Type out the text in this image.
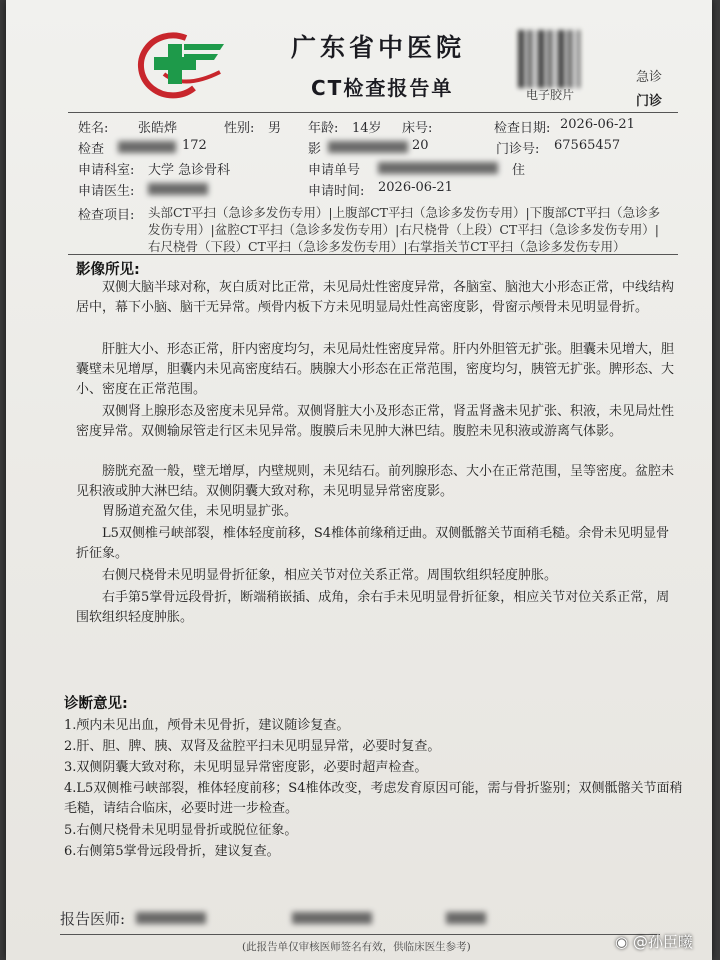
广东省中医院
CT检查报告单	电子胶片
急诊
门诊
姓名: 张皓烨	性别: 男 年龄: 14岁 床号:	检查日期: 2026-06-21
检查	172	影	20	门诊号: 67565457
申请科室: 大学 急诊骨科	申请单号	住
申请医生:	申请时间: 2026-06-21
检查项目: 头部CT平扫（急诊多发伤专用）|上腹部CT平扫（急诊多发伤专用）|下腹部CT平扫（急诊多发伤专用）|盆腔CT平扫（急诊多发伤专用）|右尺桡骨（上段）CT平扫（急诊多发伤专用）|右尺桡骨（下段）CT平扫（急诊多发伤专用）|右掌指关节CT平扫（急诊多发伤专用）
影像所见:
双侧大脑半球对称，灰白质对比正常，未见局灶性密度异常，各脑室、脑池大小形态正常，中线结构居中，幕下小脑、脑干无异常。颅骨内板下方未见明显局灶性高密度影，骨窗示颅骨未见明显骨折。
肝脏大小、形态正常，肝内密度均匀，未见局灶性密度异常。肝内外胆管无扩张。胆囊未见增大，胆囊壁未见增厚，胆囊内未见高密度结石。胰腺大小形态在正常范围，密度均匀，胰管无扩张。脾形态、大小、密度在正常范围。
双侧肾上腺形态及密度未见异常。双侧肾脏大小及形态正常，肾盂肾盏未见扩张、积液，未见局灶性密度异常。双侧输尿管走行区未见异常。腹膜后未见肿大淋巴结。腹腔未见积液或游离气体影。
膀胱充盈一般，壁无增厚，内壁规则，未见结石。前列腺形态、大小在正常范围，呈等密度。盆腔未见积液或肿大淋巴结。双侧阴囊大致对称，未见明显异常密度影。
胃肠道充盈欠佳，未见明显扩张。
L5双侧椎弓峡部裂，椎体轻度前移，S4椎体前缘稍迂曲。双侧骶髂关节面稍毛糙。余骨未见明显骨折征象。
右侧尺桡骨未见明显骨折征象，相应关节对位关系正常。周围软组织轻度肿胀。
右手第5掌骨远段骨折，断端稍嵌插、成角，余右手未见明显骨折征象，相应关节对位关系正常，周围软组织轻度肿胀。
诊断意见:
1.颅内未见出血，颅骨未见骨折，建议随诊复查。
2.肝、胆、脾、胰、双肾及盆腔平扫未见明显异常，必要时复查。
3.双侧阴囊大致对称，未见明显异常密度影，必要时超声检查。
4.L5双侧椎弓峡部裂，椎体轻度前移；S4椎体改变，考虑发育原因可能，需与骨折鉴别；双侧骶髂关节面稍毛糙，请结合临床，必要时进一步检查。
5.右侧尺桡骨未见明显骨折或脱位征象。
6.右侧第5掌骨远段骨折，建议复查。
报告医师:
(此报告单仅审核医师签名有效，供临床医生参考)	◉ @孙臣曦
